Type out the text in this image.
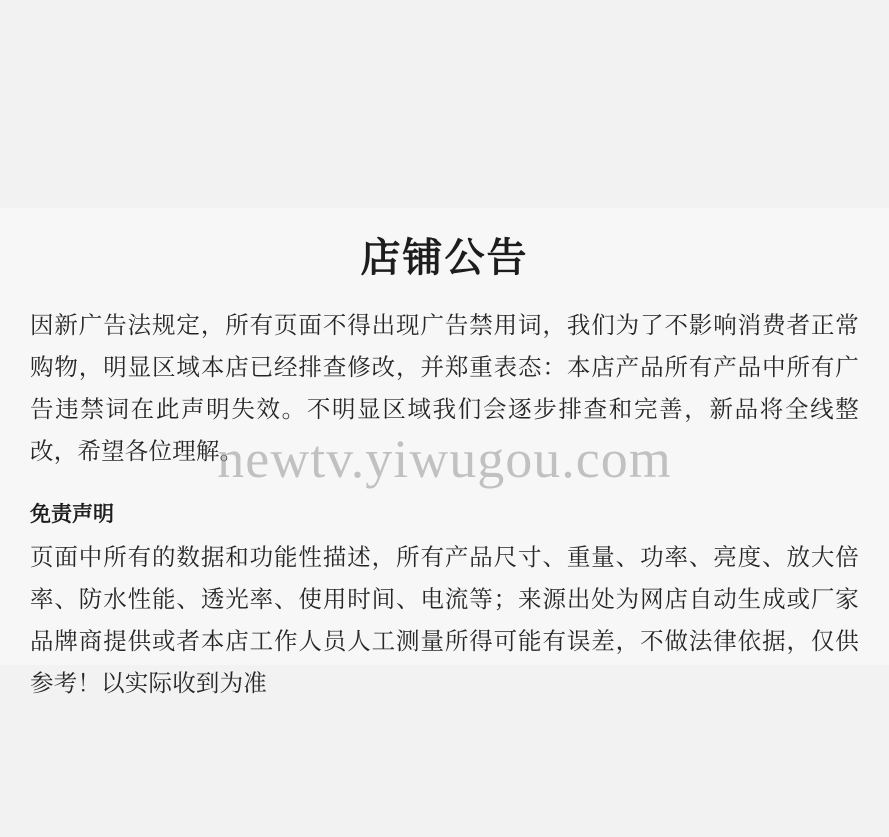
店铺公告
因新广告法规定，所有页面不得出现广告禁用词，我们为了不影响消费者正常购物，明显区域本店已经排查修改，并郑重表态：本店产品所有产品中所有广告违禁词在此声明失效。不明显区域我们会逐步排查和完善，新品将全线整改，希望各位理解。
免责声明
页面中所有的数据和功能性描述，所有产品尺寸、重量、功率、亮度、放大倍率、防水性能、透光率、使用时间、电流等；来源出处为网店自动生成或厂家品牌商提供或者本店工作人员人工测量所得可能有误差，不做法律依据，仅供参考！以实际收到为准
newtv.yiwugou.com
